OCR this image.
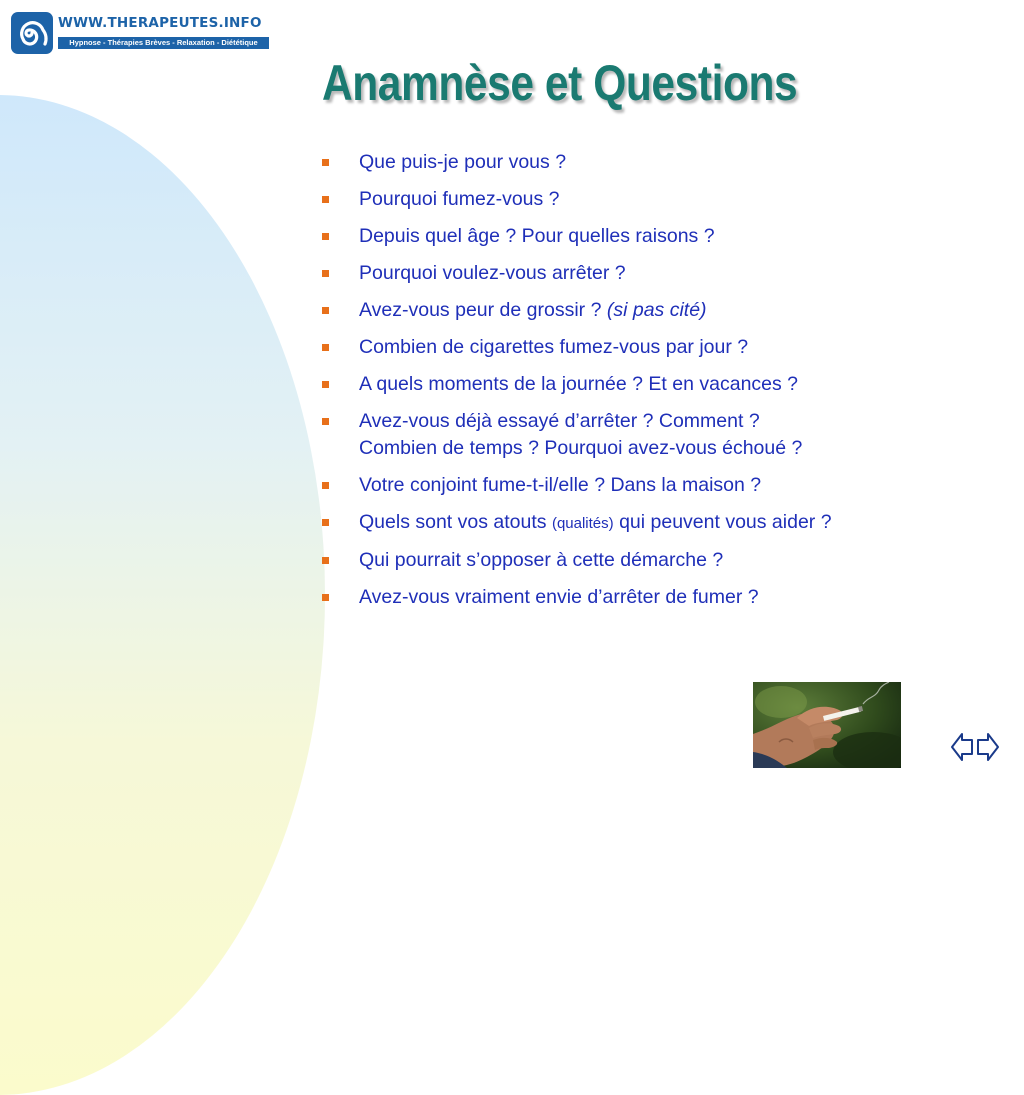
WWW.THERAPEUTES.INFO
Hypnose - Thérapies Brèves - Relaxation - Diététique
Anamnèse et Questions
Que puis-je pour vous ?
Pourquoi fumez-vous ?
Depuis quel âge ? Pour quelles raisons ?
Pourquoi voulez-vous arrêter ?
Avez-vous peur de grossir ? (si pas cité)
Combien de cigarettes fumez-vous par jour ?
A quels moments de la journée ? Et en vacances ?
Avez-vous déjà essayé d’arrêter ? Comment ?
Combien de temps ? Pourquoi avez-vous échoué ?
Votre conjoint fume-t-il/elle ? Dans la maison ?
Quels sont vos atouts (qualités) qui peuvent vous aider ?
Qui pourrait s’opposer à cette démarche ?
Avez-vous vraiment envie d’arrêter de fumer ?
